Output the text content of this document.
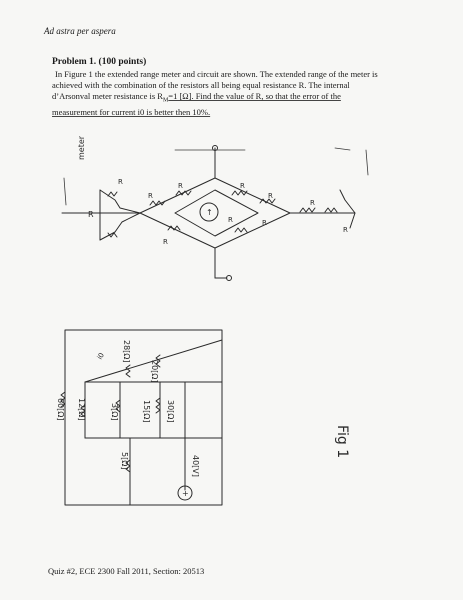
Ad astra per aspera
Problem 1. (100 points)
In Figure 1 the extended range meter and circuit are shown. The extended range of the meter is
achieved with the combination of the resistors all being equal resistance R. The internal
d’Arsonval meter resistance is $R_M=1$ [Ω]. Find the value of R, so that the error of the
measurement for current i0 is better then 10%.
meter
R
R
R	R
R
R	R
R
R
R
R
↑
60[Ω] 12[Ω]
20[Ω]
28[Ω]
3[Ω]	30[Ω]
15[Ω]
5[Ω]	40[V]
+
i0
Fig 1
Quiz #2, ECE 2300 Fall 2011, Section: 20513
